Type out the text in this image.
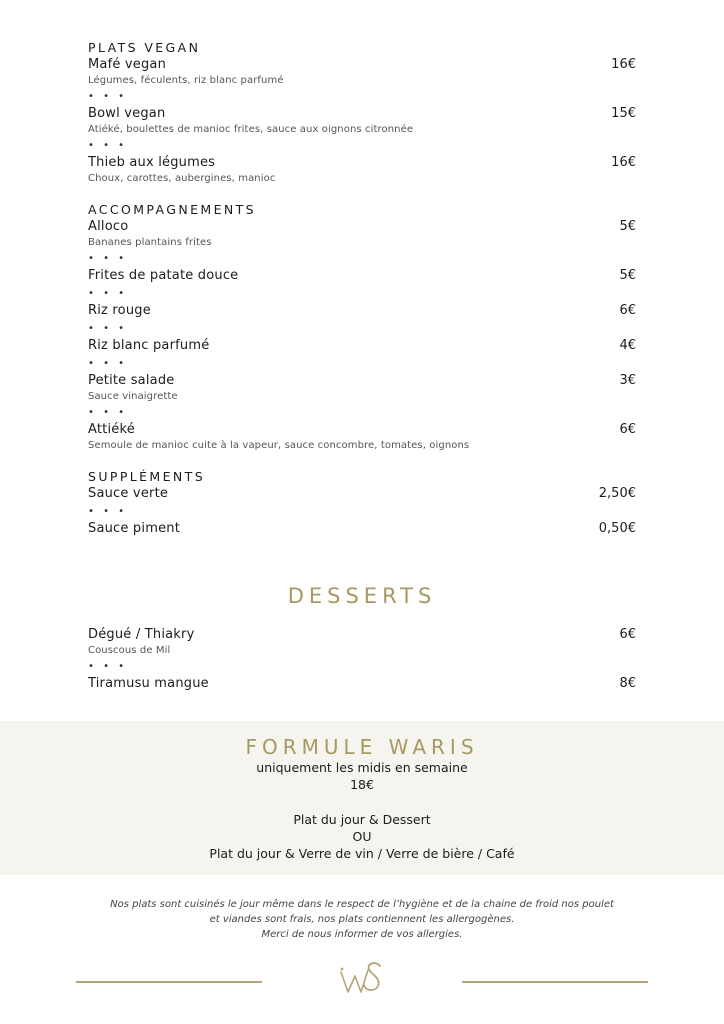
PLATS VEGAN
Mafé vegan	16€
Légumes, féculents, riz blanc parfumé
• • •
Bowl vegan	15€
Atiéké, boulettes de manioc frites, sauce aux oignons citronnée
• • •
Thieb aux légumes	16€
Choux, carottes, aubergines, manioc
ACCOMPAGNEMENTS
Alloco	5€
Bananes plantains frites
• • •
Frites de patate douce	5€
• • •
Riz rouge	6€
• • •
Riz blanc parfumé	4€
• • •
Petite salade	3€
Sauce vinaigrette
• • •
Attiéké	6€
Semoule de manioc cuite à la vapeur, sauce concombre, tomates, oignons
SUPPLÉMENTS
Sauce verte	2,50€
• • •
Sauce piment	0,50€
DESSERTS
Dégué / Thiakry	6€
Couscous de Mil
• • •
Tiramusu mangue	8€
FORMULE WARIS
uniquement les midis en semaine
18€
Plat du jour & Dessert
OU
Plat du jour & Verre de vin / Verre de bière / Café
Nos plats sont cuisinés le jour même dans le respect de l’hygiène et de la chaine de froid nos poulet
et viandes sont frais, nos plats contiennent les allergogènes.
Merci de nous informer de vos allergies.
